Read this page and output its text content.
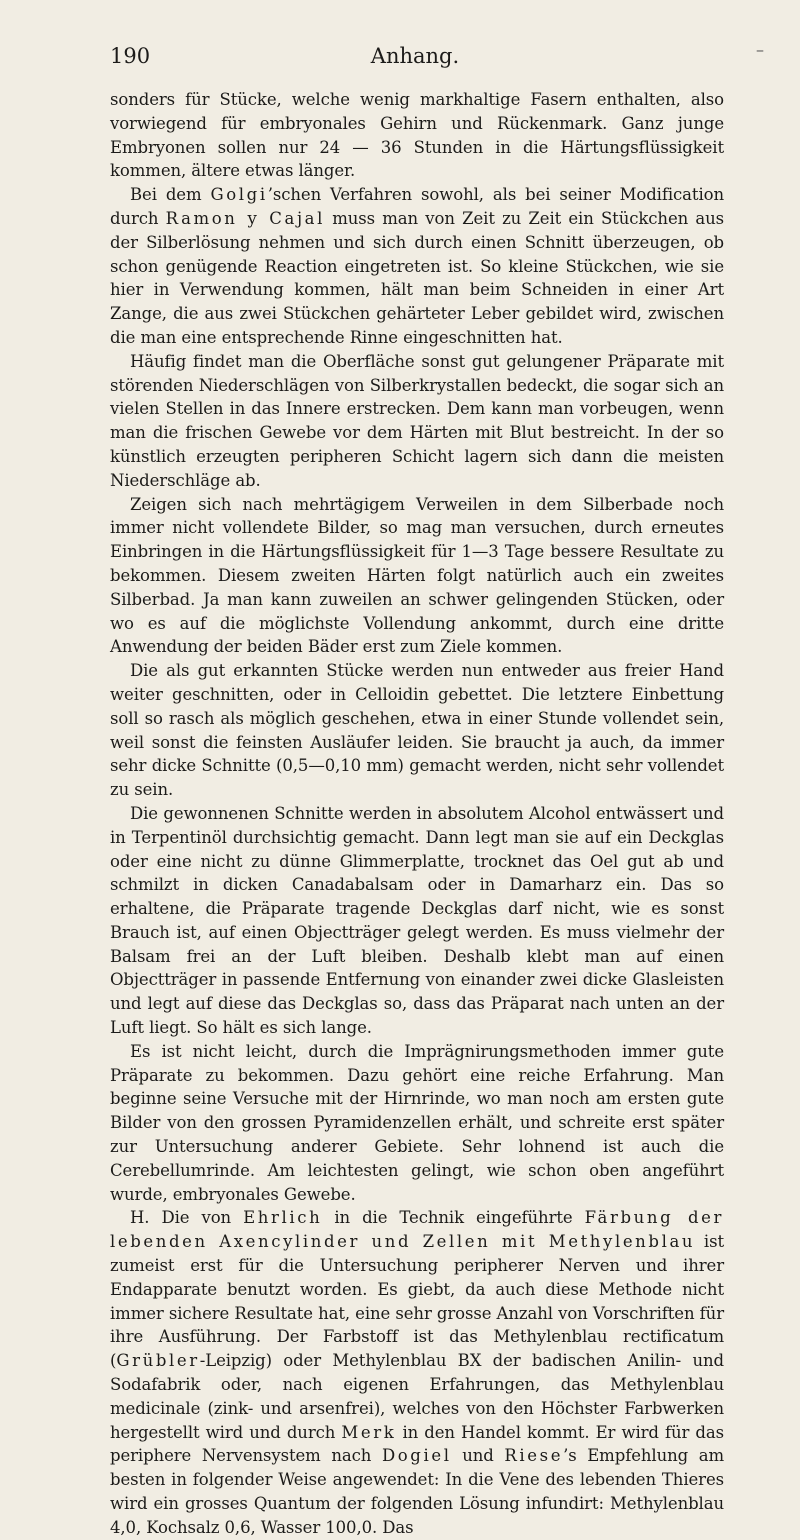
190	Anhang.	–

sonders für Stücke, welche wenig markhaltige Fasern enthalten, also vorwiegend für embryonales Gehirn und Rückenmark. Ganz junge Embryonen sollen nur 24 — 36 Stunden in die Härtungsflüssigkeit kommen, ältere etwas länger.

Bei dem Golgi’schen Verfahren sowohl, als bei seiner Modification durch Ramon y Cajal muss man von Zeit zu Zeit ein Stückchen aus der Silberlösung nehmen und sich durch einen Schnitt überzeugen, ob schon genügende Reaction eingetreten ist. So kleine Stückchen, wie sie hier in Verwendung kommen, hält man beim Schneiden in einer Art Zange, die aus zwei Stückchen gehärteter Leber gebildet wird, zwischen die man eine entsprechende Rinne eingeschnitten hat.

Häufig findet man die Oberfläche sonst gut gelungener Präparate mit störenden Niederschlägen von Silberkrystallen bedeckt, die sogar sich an vielen Stellen in das Innere erstrecken. Dem kann man vorbeugen, wenn man die frischen Gewebe vor dem Härten mit Blut bestreicht. In der so künstlich erzeugten peripheren Schicht lagern sich dann die meisten Niederschläge ab.

Zeigen sich nach mehrtägigem Verweilen in dem Silberbade noch immer nicht vollendete Bilder, so mag man versuchen, durch erneutes Einbringen in die Härtungsflüssigkeit für 1—3 Tage bessere Resultate zu bekommen. Diesem zweiten Härten folgt natürlich auch ein zweites Silberbad. Ja man kann zuweilen an schwer gelingenden Stücken, oder wo es auf die möglichste Vollendung ankommt, durch eine dritte Anwendung der beiden Bäder erst zum Ziele kommen.

Die als gut erkannten Stücke werden nun entweder aus freier Hand weiter geschnitten, oder in Celloidin gebettet. Die letztere Einbettung soll so rasch als möglich geschehen, etwa in einer Stunde vollendet sein, weil sonst die feinsten Ausläufer leiden. Sie braucht ja auch, da immer sehr dicke Schnitte (0,5—0,10 mm) gemacht werden, nicht sehr vollendet zu sein.

Die gewonnenen Schnitte werden in absolutem Alcohol entwässert und in Terpentinöl durchsichtig gemacht. Dann legt man sie auf ein Deckglas oder eine nicht zu dünne Glimmerplatte, trocknet das Oel gut ab und schmilzt in dicken Canadabalsam oder in Damarharz ein. Das so erhaltene, die Präparate tragende Deckglas darf nicht, wie es sonst Brauch ist, auf einen Objectträger gelegt werden. Es muss vielmehr der Balsam frei an der Luft bleiben. Deshalb klebt man auf einen Objectträger in passende Entfernung von einander zwei dicke Glasleisten und legt auf diese das Deckglas so, dass das Präparat nach unten an der Luft liegt. So hält es sich lange.

Es ist nicht leicht, durch die Imprägnirungsmethoden immer gute Präparate zu bekommen. Dazu gehört eine reiche Erfahrung. Man beginne seine Versuche mit der Hirnrinde, wo man noch am ersten gute Bilder von den grossen Pyramidenzellen erhält, und schreite erst später zur Untersuchung anderer Gebiete. Sehr lohnend ist auch die Cerebellumrinde. Am leichtesten gelingt, wie schon oben angeführt wurde, embryonales Gewebe.

H. Die von Ehrlich in die Technik eingeführte Färbung der lebenden Axencylinder und Zellen mit Methylenblau ist zumeist erst für die Untersuchung peripherer Nerven und ihrer Endapparate benutzt worden. Es giebt, da auch diese Methode nicht immer sichere Resultate hat, eine sehr grosse Anzahl von Vorschriften für ihre Ausführung. Der Farbstoff ist das Methylenblau rectificatum (Grübler-Leipzig) oder Methylenblau BX der badischen Anilin- und Sodafabrik oder, nach eigenen Erfahrungen, das Methylenblau medicinale (zink- und arsenfrei), welches von den Höchster Farbwerken hergestellt wird und durch Merk in den Handel kommt. Er wird für das periphere Nervensystem nach Dogiel und Riese’s Empfehlung am besten in folgender Weise angewendet: In die Vene des lebenden Thieres wird ein grosses Quantum der folgenden Lösung infundirt: Methylenblau 4,0, Kochsalz 0,6, Wasser 100,0. Das
